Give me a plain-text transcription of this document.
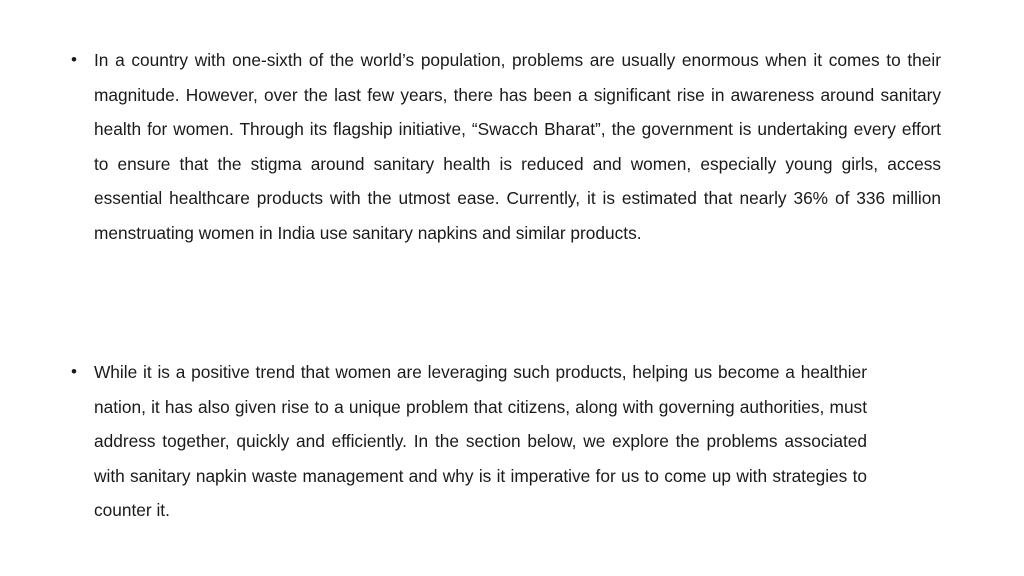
• In a country with one-sixth of the world’s population, problems are usually enormous when it comes to their magnitude. However, over the last few years, there has been a significant rise in awareness around sanitary health for women. Through its flagship initiative, “Swacch Bharat”, the government is undertaking every effort to ensure that the stigma around sanitary health is reduced and women, especially young girls, access essential healthcare products with the utmost ease. Currently, it is estimated that nearly 36% of 336 million menstruating women in India use sanitary napkins and similar products.
• While it is a positive trend that women are leveraging such products, helping us become a healthier nation, it has also given rise to a unique problem that citizens, along with governing authorities, must address together, quickly and efficiently. In the section below, we explore the problems associated with sanitary napkin waste management and why is it imperative for us to come up with strategies to counter it.
